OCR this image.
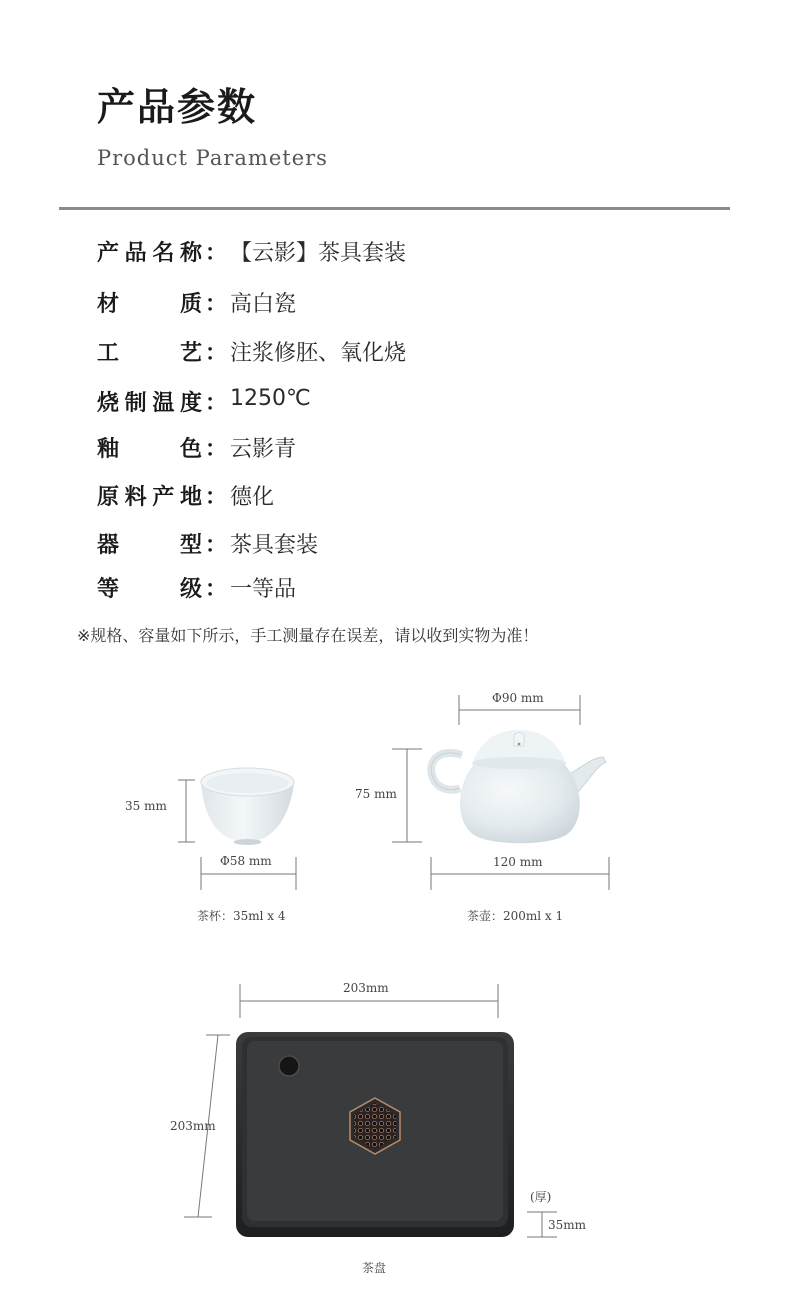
产品参数
Product Parameters
产 品 名 称 ： 【云影】茶具套装
材	质 ： 高白瓷
工	艺 ： 注浆修胚、氧化烧
烧 制 温 度 ： 1250℃
釉	色 ： 云影青
原 料 产 地 ： 德化
器	型 ： 茶具套装
等	级 ： 一等品
※规格、容量如下所示，手工测量存在误差，请以收到实物为准！
35 mm
Φ58 mm
Φ90 mm
75 mm
120 mm
茶杯：35ml x 4	茶壶：200ml x 1
203mm
203mm
(厚)
35mm
茶盘
